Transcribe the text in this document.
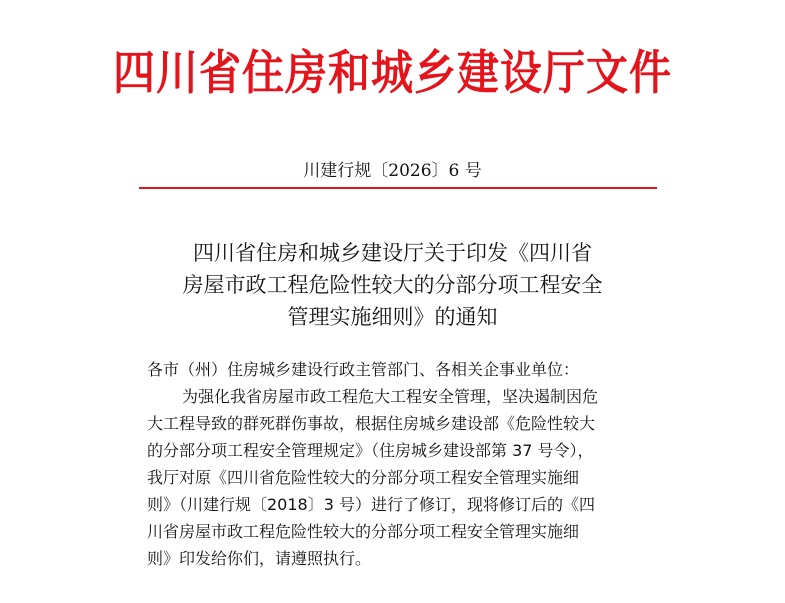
四川省住房和城乡建设厅文件
川建行规〔2026〕6 号
四川省住房和城乡建设厅关于印发《四川省
房屋市政工程危险性较大的分部分项工程安全
管理实施细则》的通知
各市（州）住房城乡建设行政主管部门、各相关企事业单位：
为强化我省房屋市政工程危大工程安全管理，坚决遏制因危
大工程导致的群死群伤事故，根据住房城乡建设部《危险性较大
的分部分项工程安全管理规定》（住房城乡建设部第 37 号令），
我厅对原《四川省危险性较大的分部分项工程安全管理实施细
则》（川建行规〔2018〕3 号）进行了修订，现将修订后的《四
川省房屋市政工程危险性较大的分部分项工程安全管理实施细
则》印发给你们，请遵照执行。
